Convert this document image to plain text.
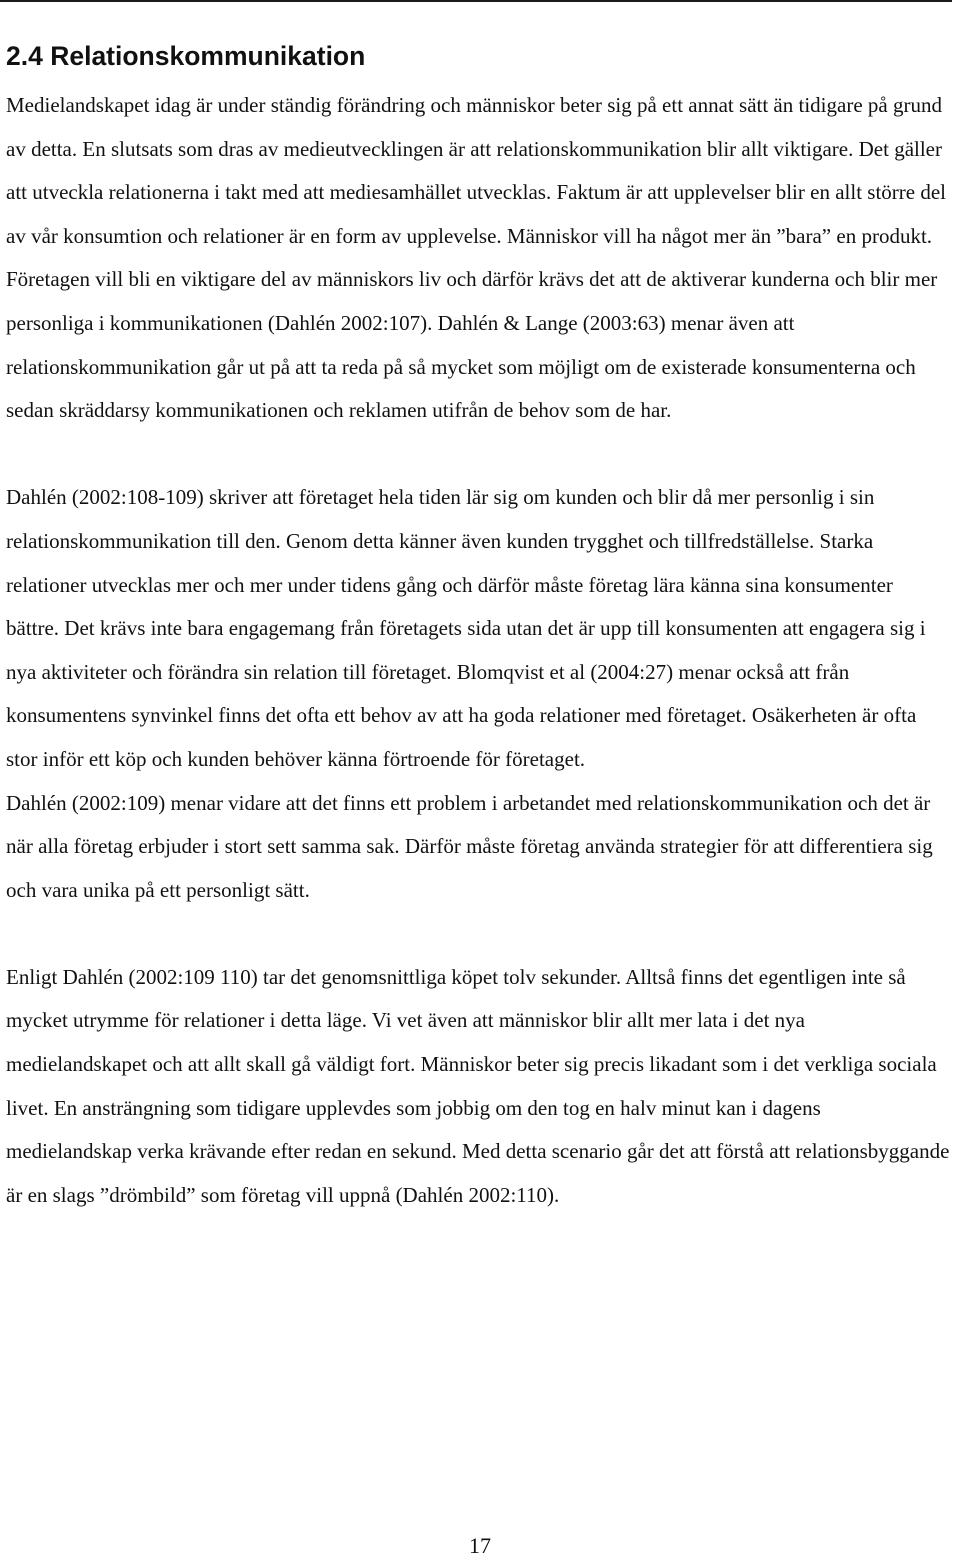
2.4 Relationskommunikation

Medielandskapet idag är under ständig förändring och människor beter sig på ett annat sätt än tidigare på grund av detta. En slutsats som dras av medieutvecklingen är att relationskommunikation blir allt viktigare. Det gäller att utveckla relationerna i takt med att mediesamhället utvecklas. Faktum är att upplevelser blir en allt större del av vår konsumtion och relationer är en form av upplevelse. Människor vill ha något mer än ”bara” en produkt. Företagen vill bli en viktigare del av människors liv och därför krävs det att de aktiverar kunderna och blir mer personliga i kommunikationen (Dahlén 2002:107). Dahlén & Lange (2003:63) menar även att relationskommunikation går ut på att ta reda på så mycket som möjligt om de existerade konsumenterna och sedan skräddarsy kommunikationen och reklamen utifrån de behov som de har.

Dahlén (2002:108-109) skriver att företaget hela tiden lär sig om kunden och blir då mer personlig i sin relationskommunikation till den. Genom detta känner även kunden trygghet och tillfredställelse. Starka relationer utvecklas mer och mer under tidens gång och därför måste företag lära känna sina konsumenter bättre. Det krävs inte bara engagemang från företagets sida utan det är upp till konsumenten att engagera sig i nya aktiviteter och förändra sin relation till företaget. Blomqvist et al (2004:27) menar också att från konsumentens synvinkel finns det ofta ett behov av att ha goda relationer med företaget. Osäkerheten är ofta stor inför ett köp och kunden behöver känna förtroende för företaget.

Dahlén (2002:109) menar vidare att det finns ett problem i arbetandet med relationskommunikation och det är när alla företag erbjuder i stort sett samma sak. Därför måste företag använda strategier för att differentiera sig och vara unika på ett personligt sätt.

Enligt Dahlén (2002:109 110) tar det genomsnittliga köpet tolv sekunder. Alltså finns det egentligen inte så mycket utrymme för relationer i detta läge. Vi vet även att människor blir allt mer lata i det nya medielandskapet och att allt skall gå väldigt fort. Människor beter sig precis likadant som i det verkliga sociala livet. En ansträngning som tidigare upplevdes som jobbig om den tog en halv minut kan i dagens medielandskap verka krävande efter redan en sekund. Med detta scenario går det att förstå att relationsbyggande är en slags ”drömbild” som företag vill uppnå (Dahlén 2002:110).

17
